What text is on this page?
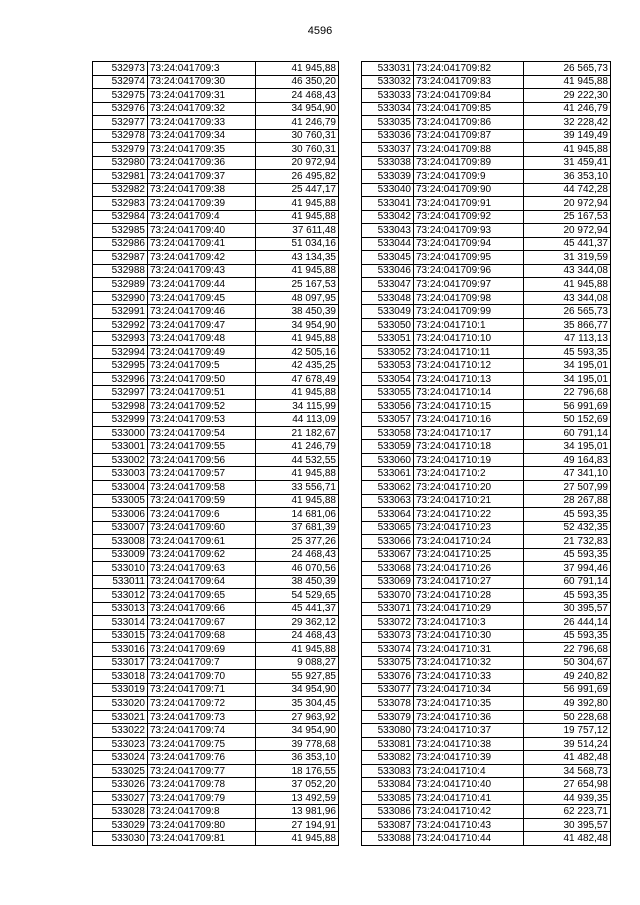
4596
532973	73:24:041709:3	41 945,88
532974	73:24:041709:30	46 350,20
532975	73:24:041709:31	24 468,43
532976	73:24:041709:32	34 954,90
532977	73:24:041709:33	41 246,79
532978	73:24:041709:34	30 760,31
532979	73:24:041709:35	30 760,31
532980	73:24:041709:36	20 972,94
532981	73:24:041709:37	26 495,82
532982	73:24:041709:38	25 447,17
532983	73:24:041709:39	41 945,88
532984	73:24:041709:4	41 945,88
532985	73:24:041709:40	37 611,48
532986	73:24:041709:41	51 034,16
532987	73:24:041709:42	43 134,35
532988	73:24:041709:43	41 945,88
532989	73:24:041709:44	25 167,53
532990	73:24:041709:45	48 097,95
532991	73:24:041709:46	38 450,39
532992	73:24:041709:47	34 954,90
532993	73:24:041709:48	41 945,88
532994	73:24:041709:49	42 505,16
532995	73:24:041709:5	42 435,25
532996	73:24:041709:50	47 678,49
532997	73:24:041709:51	41 945,88
532998	73:24:041709:52	34 115,99
532999	73:24:041709:53	44 113,09
533000	73:24:041709:54	21 182,67
533001	73:24:041709:55	41 246,79
533002	73:24:041709:56	44 532,55
533003	73:24:041709:57	41 945,88
533004	73:24:041709:58	33 556,71
533005	73:24:041709:59	41 945,88
533006	73:24:041709:6	14 681,06
533007	73:24:041709:60	37 681,39
533008	73:24:041709:61	25 377,26
533009	73:24:041709:62	24 468,43
533010	73:24:041709:63	46 070,56
533011	73:24:041709:64	38 450,39
533012	73:24:041709:65	54 529,65
533013	73:24:041709:66	45 441,37
533014	73:24:041709:67	29 362,12
533015	73:24:041709:68	24 468,43
533016	73:24:041709:69	41 945,88
533017	73:24:041709:7	9 088,27
533018	73:24:041709:70	55 927,85
533019	73:24:041709:71	34 954,90
533020	73:24:041709:72	35 304,45
533021	73:24:041709:73	27 963,92
533022	73:24:041709:74	34 954,90
533023	73:24:041709:75	39 778,68
533024	73:24:041709:76	36 353,10
533025	73:24:041709:77	18 176,55
533026	73:24:041709:78	37 052,20
533027	73:24:041709:79	13 492,59
533028	73:24:041709:8	13 981,96
533029	73:24:041709:80	27 194,91
533030	73:24:041709:81	41 945,88
533031	73:24:041709:82	26 565,73
533032	73:24:041709:83	41 945,88
533033	73:24:041709:84	29 222,30
533034	73:24:041709:85	41 246,79
533035	73:24:041709:86	32 228,42
533036	73:24:041709:87	39 149,49
533037	73:24:041709:88	41 945,88
533038	73:24:041709:89	31 459,41
533039	73:24:041709:9	36 353,10
533040	73:24:041709:90	44 742,28
533041	73:24:041709:91	20 972,94
533042	73:24:041709:92	25 167,53
533043	73:24:041709:93	20 972,94
533044	73:24:041709:94	45 441,37
533045	73:24:041709:95	31 319,59
533046	73:24:041709:96	43 344,08
533047	73:24:041709:97	41 945,88
533048	73:24:041709:98	43 344,08
533049	73:24:041709:99	26 565,73
533050	73:24:041710:1	35 866,77
533051	73:24:041710:10	47 113,13
533052	73:24:041710:11	45 593,35
533053	73:24:041710:12	34 195,01
533054	73:24:041710:13	34 195,01
533055	73:24:041710:14	22 796,68
533056	73:24:041710:15	56 991,69
533057	73:24:041710:16	50 152,69
533058	73:24:041710:17	60 791,14
533059	73:24:041710:18	34 195,01
533060	73:24:041710:19	49 164,83
533061	73:24:041710:2	47 341,10
533062	73:24:041710:20	27 507,99
533063	73:24:041710:21	28 267,88
533064	73:24:041710:22	45 593,35
533065	73:24:041710:23	52 432,35
533066	73:24:041710:24	21 732,83
533067	73:24:041710:25	45 593,35
533068	73:24:041710:26	37 994,46
533069	73:24:041710:27	60 791,14
533070	73:24:041710:28	45 593,35
533071	73:24:041710:29	30 395,57
533072	73:24:041710:3	26 444,14
533073	73:24:041710:30	45 593,35
533074	73:24:041710:31	22 796,68
533075	73:24:041710:32	50 304,67
533076	73:24:041710:33	49 240,82
533077	73:24:041710:34	56 991,69
533078	73:24:041710:35	49 392,80
533079	73:24:041710:36	50 228,68
533080	73:24:041710:37	19 757,12
533081	73:24:041710:38	39 514,24
533082	73:24:041710:39	41 482,48
533083	73:24:041710:4	34 568,73
533084	73:24:041710:40	27 654,98
533085	73:24:041710:41	44 939,35
533086	73:24:041710:42	62 223,71
533087	73:24:041710:43	30 395,57
533088	73:24:041710:44	41 482,48
